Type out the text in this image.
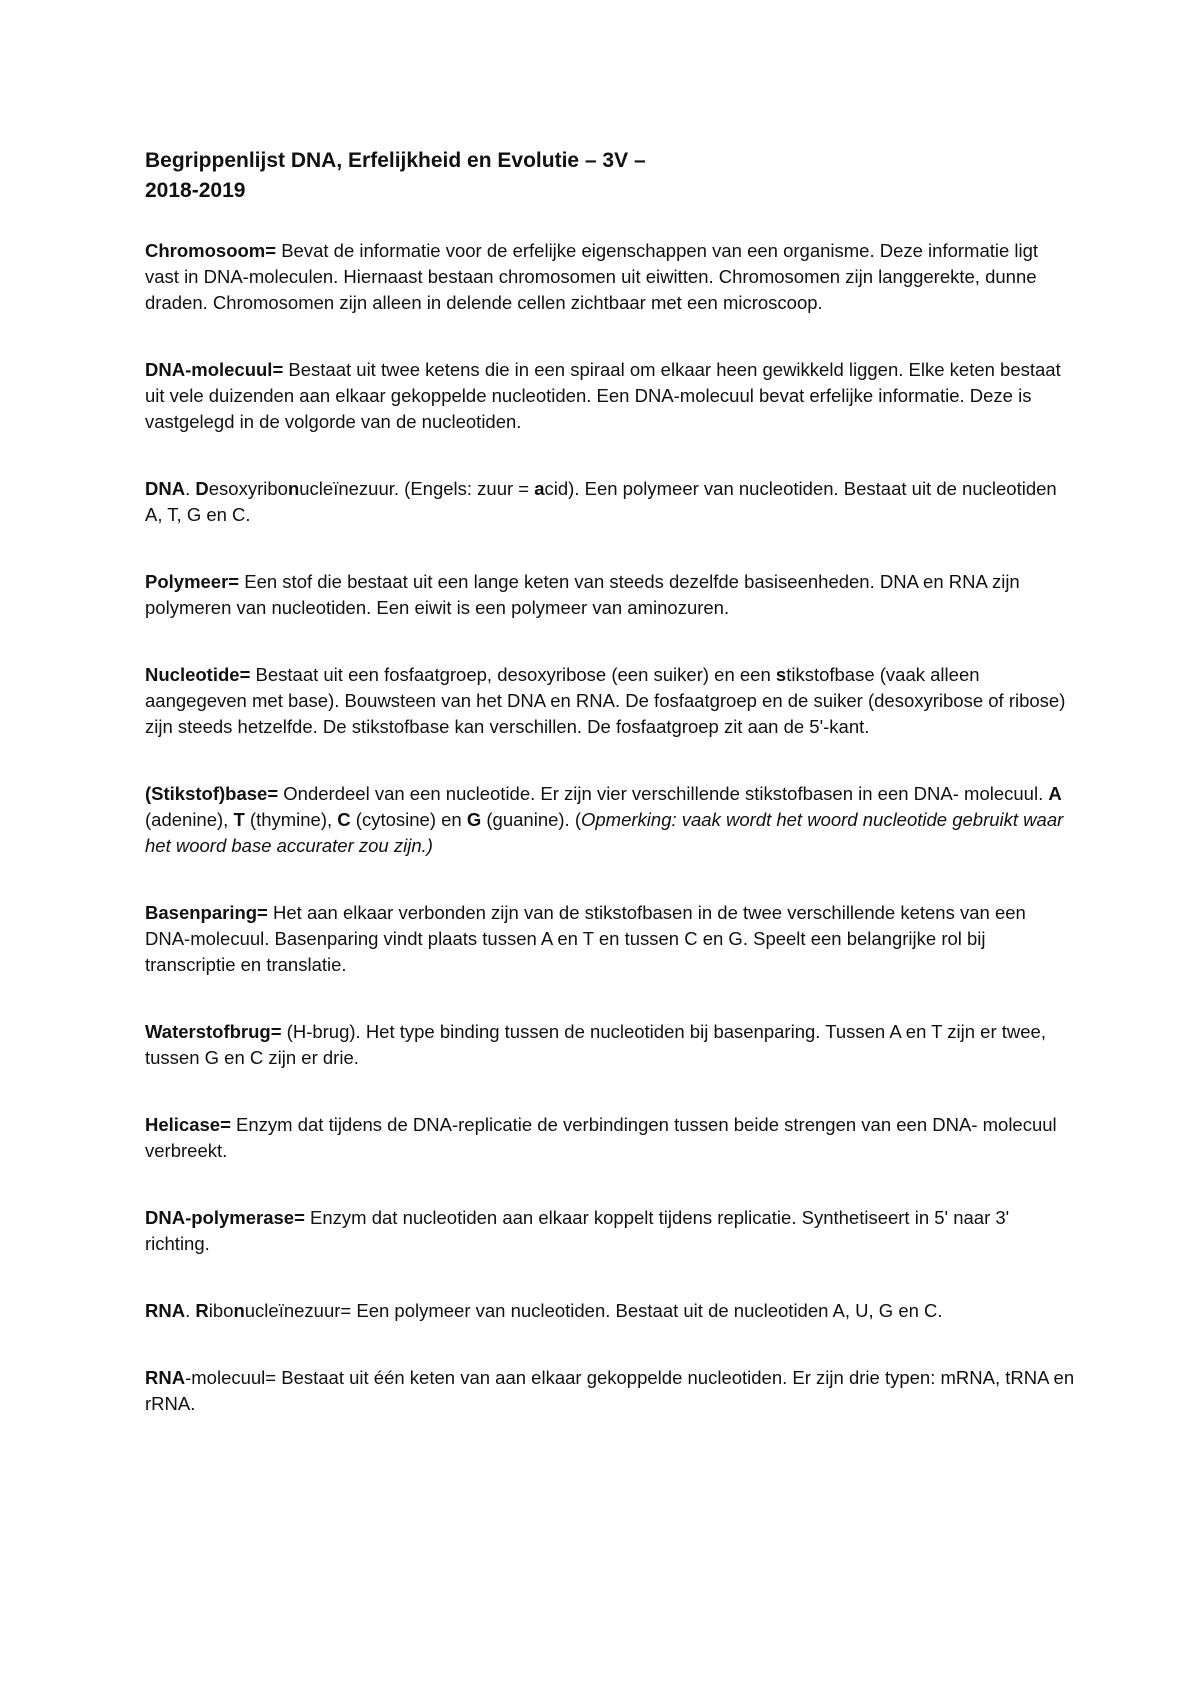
Begrippenlijst DNA, Erfelijkheid en Evolutie – 3V –
2018-2019

Chromosoom= Bevat de informatie voor de erfelijke eigenschappen van een organisme. Deze informatie ligt vast in DNA-moleculen. Hiernaast bestaan chromosomen uit eiwitten. Chromosomen zijn langgerekte, dunne draden. Chromosomen zijn alleen in delende cellen zichtbaar met een microscoop.

DNA-molecuul= Bestaat uit twee ketens die in een spiraal om elkaar heen gewikkeld liggen. Elke keten bestaat uit vele duizenden aan elkaar gekoppelde nucleotiden. Een DNA-molecuul bevat erfelijke informatie. Deze is vastgelegd in de volgorde van de nucleotiden.

DNA. Desoxyribonucleïnezuur. (Engels: zuur = acid). Een polymeer van nucleotiden. Bestaat uit de nucleotiden A, T, G en C.

Polymeer= Een stof die bestaat uit een lange keten van steeds dezelfde basiseenheden. DNA en RNA zijn polymeren van nucleotiden. Een eiwit is een polymeer van aminozuren.

Nucleotide= Bestaat uit een fosfaatgroep, desoxyribose (een suiker) en een stikstofbase (vaak alleen aangegeven met base). Bouwsteen van het DNA en RNA. De fosfaatgroep en de suiker (desoxyribose of ribose) zijn steeds hetzelfde. De stikstofbase kan verschillen. De fosfaatgroep zit aan de 5'-kant.

(Stikstof)base= Onderdeel van een nucleotide. Er zijn vier verschillende stikstofbasen in een DNA- molecuul. A (adenine), T (thymine), C (cytosine) en G (guanine). (Opmerking: vaak wordt het woord nucleotide gebruikt waar het woord base accurater zou zijn.)

Basenparing= Het aan elkaar verbonden zijn van de stikstofbasen in de twee verschillende ketens van een DNA-molecuul. Basenparing vindt plaats tussen A en T en tussen C en G. Speelt een belangrijke rol bij transcriptie en translatie.

Waterstofbrug= (H-brug). Het type binding tussen de nucleotiden bij basenparing. Tussen A en T zijn er twee, tussen G en C zijn er drie.

Helicase= Enzym dat tijdens de DNA-replicatie de verbindingen tussen beide strengen van een DNA- molecuul verbreekt.

DNA-polymerase= Enzym dat nucleotiden aan elkaar koppelt tijdens replicatie. Synthetiseert in 5' naar 3' richting.

RNA. Ribonucleïnezuur= Een polymeer van nucleotiden. Bestaat uit de nucleotiden A, U, G en C.

RNA-molecuul= Bestaat uit één keten van aan elkaar gekoppelde nucleotiden. Er zijn drie typen: mRNA, tRNA en rRNA.
